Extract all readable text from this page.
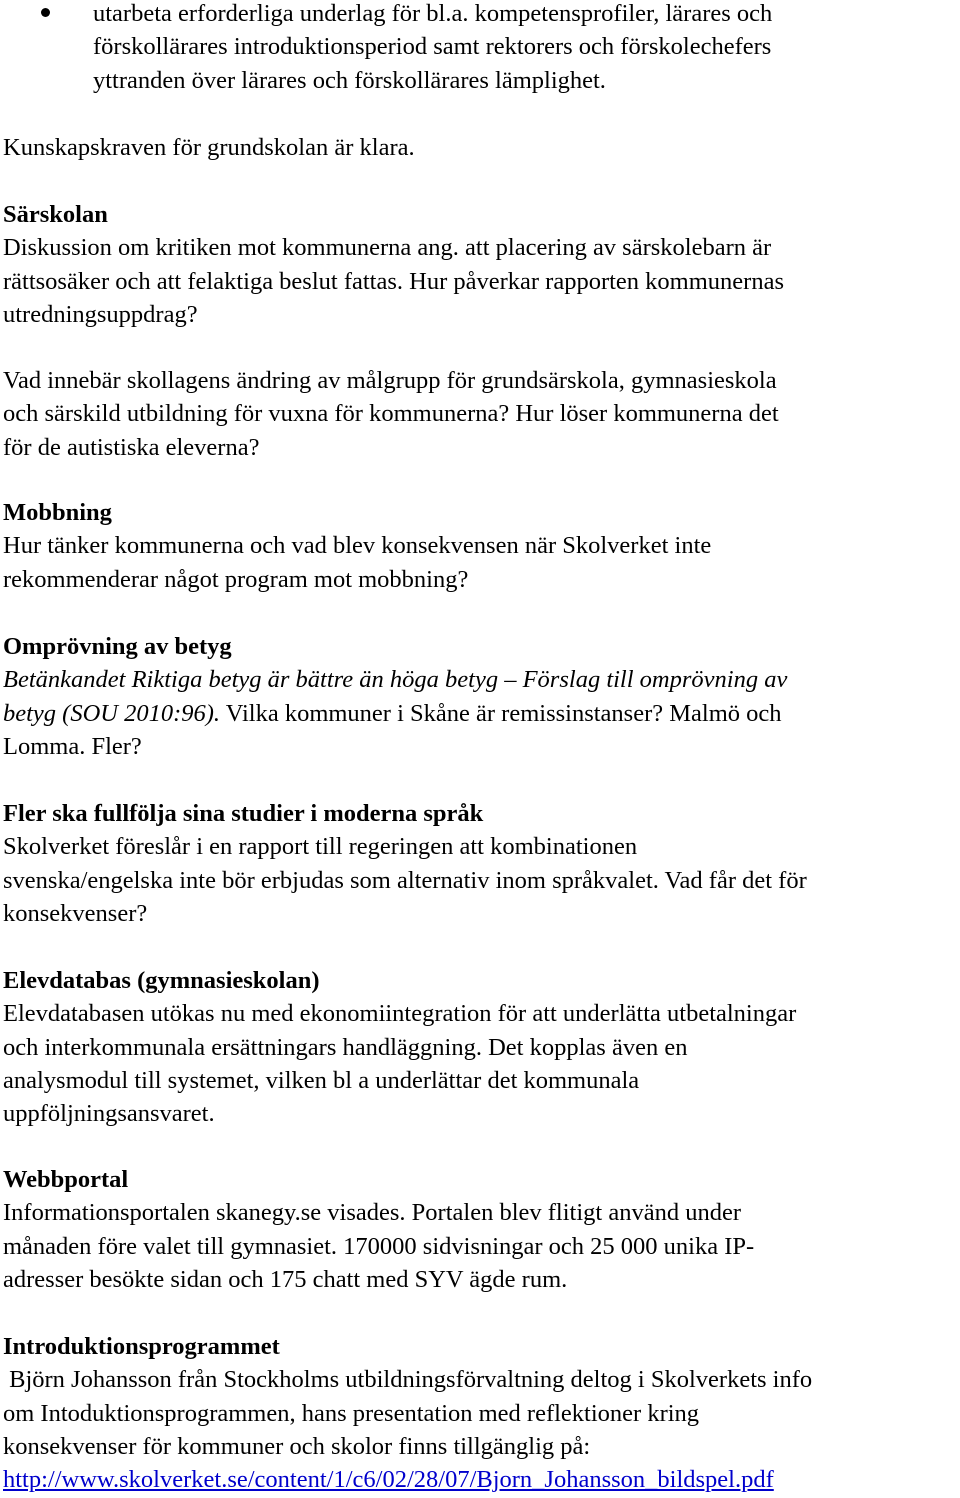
utarbeta erforderliga underlag för bl.a. kompetensprofiler, lärares och
förskollärares introduktionsperiod samt rektorers och förskolechefers
yttranden över lärares och förskollärares lämplighet.
Kunskapskraven för grundskolan är klara.
Särskolan
Diskussion om kritiken mot kommunerna ang. att placering av särskolebarn är
rättsosäker och att felaktiga beslut fattas. Hur påverkar rapporten kommunernas
utredningsuppdrag?
Vad innebär skollagens ändring av målgrupp för grundsärskola, gymnasieskola
och särskild utbildning för vuxna för kommunerna? Hur löser kommunerna det
för de autistiska eleverna?
Mobbning
Hur tänker kommunerna och vad blev konsekvensen när Skolverket inte
rekommenderar något program mot mobbning?
Omprövning av betyg
Betänkandet Riktiga betyg är bättre än höga betyg – Förslag till omprövning av
betyg (SOU 2010:96). Vilka kommuner i Skåne är remissinstanser? Malmö och
Lomma. Fler?
Fler ska fullfölja sina studier i moderna språk
Skolverket föreslår i en rapport till regeringen att kombinationen
svenska/engelska inte bör erbjudas som alternativ inom språkvalet. Vad får det för
konsekvenser?
Elevdatabas (gymnasieskolan)
Elevdatabasen utökas nu med ekonomiintegration för att underlätta utbetalningar
och interkommunala ersättningars handläggning. Det kopplas även en
analysmodul till systemet, vilken bl a underlättar det kommunala
uppföljningsansvaret.
Webbportal
Informationsportalen skanegy.se visades. Portalen blev flitigt använd under
månaden före valet till gymnasiet. 170000 sidvisningar och 25 000 unika IP-
adresser besökte sidan och 175 chatt med SYV ägde rum.
Introduktionsprogrammet
Björn Johansson från Stockholms utbildningsförvaltning deltog i Skolverkets info
om Intoduktionsprogrammen, hans presentation med reflektioner kring
konsekvenser för kommuner och skolor finns tillgänglig på:
http://www.skolverket.se/content/1/c6/02/28/07/Bjorn_Johansson_bildspel.pdf
